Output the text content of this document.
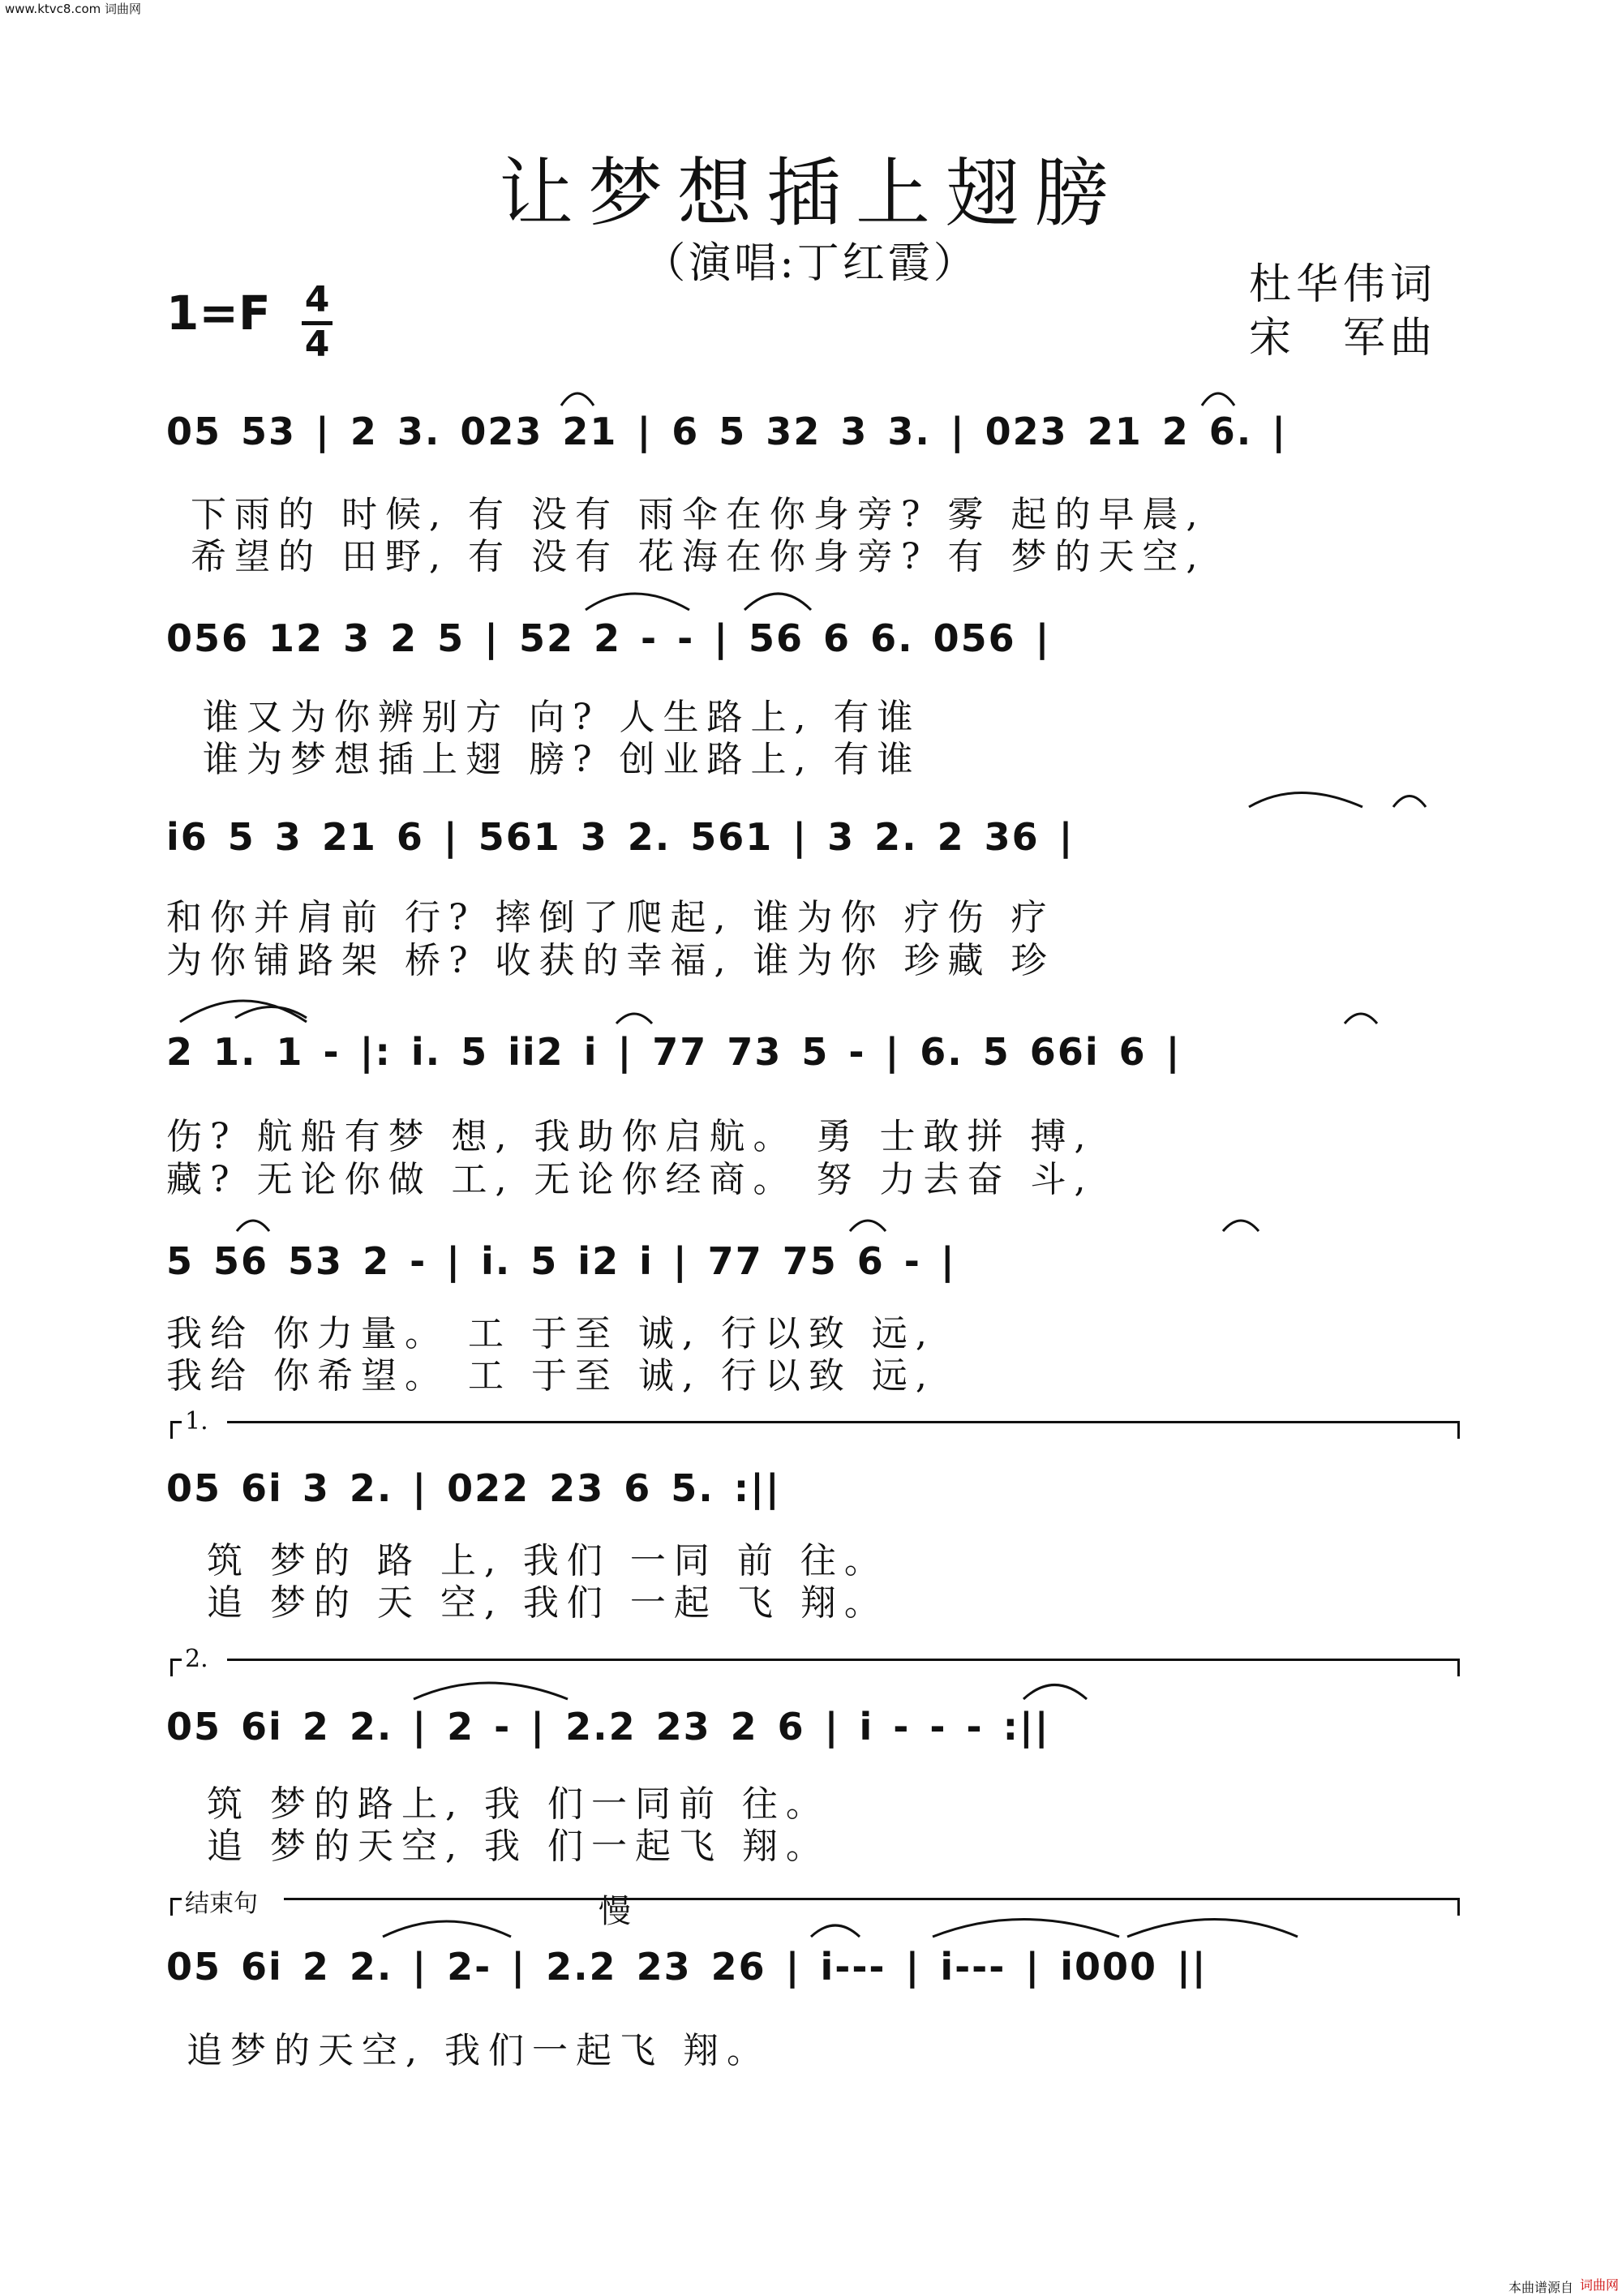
www.ktvc8.com 词曲网
让梦想插上翅膀
（演唱:丁红霞）
1=F 4
4
杜华伟词
宋　军曲
05 53 | 2 3. 023 21 | 6 5 32 3 3. | 023 21 2 6. |
下雨的 时候, 有 没有 雨伞在你身旁? 雾 起的早晨,
希望的 田野, 有 没有 花海在你身旁? 有 梦的天空,
056 12 3 2 5 | 52 2 - - | 56 6 6. 056 |
谁又为你辨别方 向? 人生路上, 有谁
谁为梦想插上翅 膀? 创业路上, 有谁
i6 5 3 21 6 | 561 3 2. 561 | 3 2. 2 36 |
和你并肩前 行? 摔倒了爬起, 谁为你 疗伤 疗
为你铺路架 桥? 收获的幸福, 谁为你 珍藏 珍
2 1. 1 - |: i. 5 ii2 i | 77 73 5 - | 6. 5 66i 6 |
伤? 航船有梦 想, 我助你启航。 勇 士敢拼 搏,
藏? 无论你做 工, 无论你经商。 努 力去奋 斗,
5 56 53 2 - | i. 5 i2 i | 77 75 6 - |
我给 你力量。 工 于至 诚, 行以致 远,
我给 你希望。 工 于至 诚, 行以致 远,
1.
05 6i 3 2. | 022 23 6 5. :||
筑 梦的 路 上, 我们 一同 前 往。
追 梦的 天 空, 我们 一起 飞 翔。
2.
05 6i 2 2. | 2 - | 2.2 23 2 6 | i - - - :||
筑 梦的路上, 我 们一同前 往。
追 梦的天空, 我 们一起飞 翔。
结束句	慢
05 6i 2 2. | 2- | 2.2 23 26 | i--- | i--- | i000 ||
追梦的天空, 我们一起飞 翔。
本曲谱源自 词曲网
